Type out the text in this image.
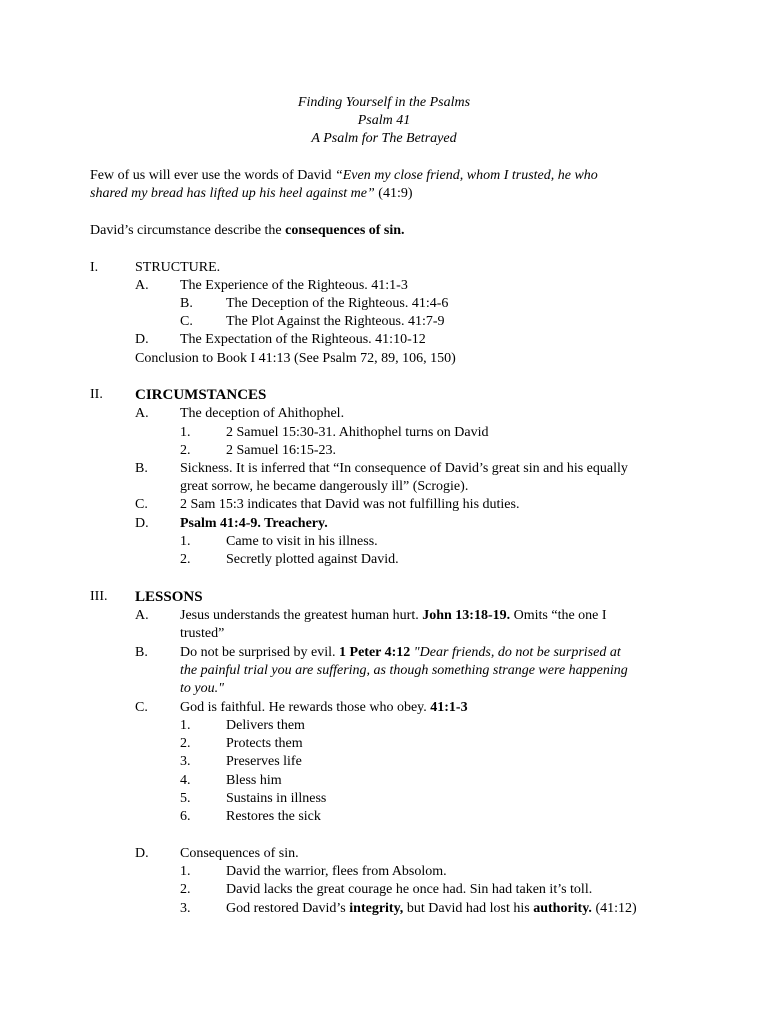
Finding Yourself in the Psalms
Psalm 41
A Psalm for The Betrayed
Few of us will ever use the words of David “Even my close friend, whom I trusted, he who
shared my bread has lifted up his heel against me” (41:9)
David’s circumstance describe the consequences of sin.
I.	STRUCTURE.
A. The Experience of the Righteous. 41:1-3
B. The Deception of the Righteous. 41:4-6
C. The Plot Against the Righteous. 41:7-9
D. The Expectation of the Righteous. 41:10-12
Conclusion to Book I 41:13 (See Psalm 72, 89, 106, 150)
II. CIRCUMSTANCES
A. The deception of Ahithophel.
1.	2 Samuel 15:30-31. Ahithophel turns on David
2.	2 Samuel 16:15-23.
B. Sickness. It is inferred that “In consequence of David’s great sin and his equally
great sorrow, he became dangerously ill” (Scrogie).
C. 2 Sam 15:3 indicates that David was not fulfilling his duties.
D. Psalm 41:4-9. Treachery.
1.	Came to visit in his illness.
2.	Secretly plotted against David.
III. LESSONS
A. Jesus understands the greatest human hurt. John 13:18-19. Omits “the one I
trusted”
B. Do not be surprised by evil. 1 Peter 4:12 "Dear friends, do not be surprised at
the painful trial you are suffering, as though something strange were happening
to you."
C. God is faithful. He rewards those who obey. 41:1-3
1.	Delivers them
2.	Protects them
3.	Preserves life
4.	Bless him
5.	Sustains in illness
6.	Restores the sick
D. Consequences of sin.
1.	David the warrior, flees from Absolom.
2.	David lacks the great courage he once had. Sin had taken it’s toll.
3.	God restored David’s integrity, but David had lost his authority. (41:12)
